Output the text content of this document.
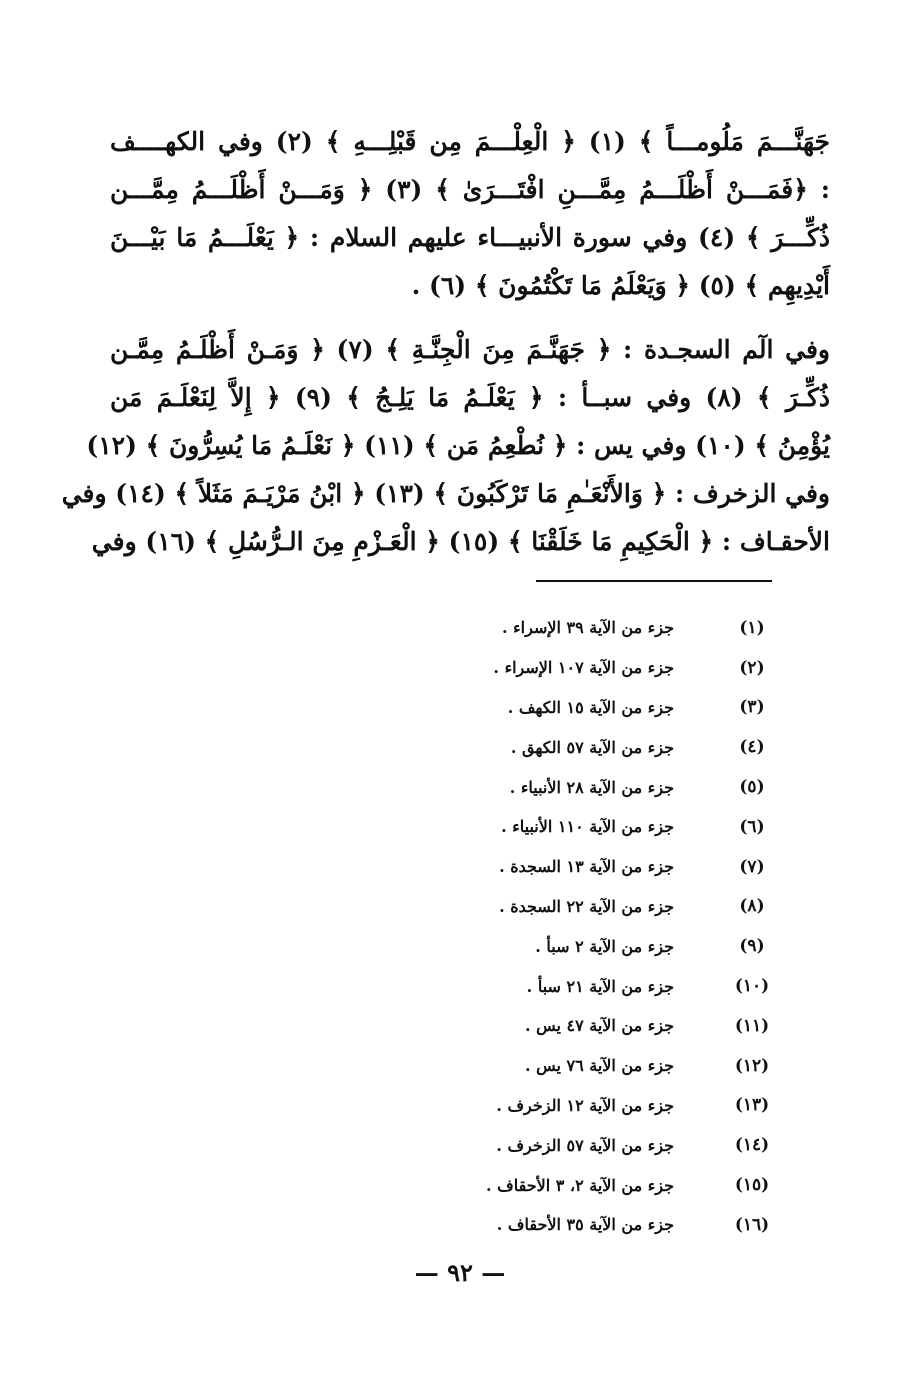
جَهَنَّـــمَ مَلُومـــاً ﴾ (١) ﴿ الْعِلْـــمَ مِن قَبْلِـــهِ ﴾ (٢) وفي الكهــــف
: ﴿فَمَـــنْ أَظْلَـــمُ مِمَّـــنِ افْتَـــرَىٰ ﴾ (٣) ﴿ وَمَـــنْ أَظْلَـــمُ مِمَّـــن
ذُكِّـــرَ ﴾ (٤) وفي سورة الأنبيـــاء عليهم السلام : ﴿ يَعْلَـــمُ مَا بَيْـــنَ
أَيْدِيهِم ﴾ (٥) ﴿ وَيَعْلَمُ مَا تَكْتُمُونَ ﴾ (٦) .
وفي الٓم السجـدة : ﴿ جَهَنَّـمَ مِنَ الْجِنَّـةِ ﴾ (٧) ﴿ وَمَـنْ أَظْلَـمُ مِمَّـن
ذُكِّـرَ ﴾ (٨) وفي سبــأ : ﴿ يَعْلَـمُ مَا يَلِـجُ ﴾ (٩) ﴿ إِلاَّ لِنَعْلَـمَ مَن
يُؤْمِنُ ﴾ (١٠) وفي يس : ﴿ نُطْعِمُ مَن ﴾ (١١) ﴿ نَعْلَـمُ مَا يُسِرُّونَ ﴾ (١٢)
وفي الزخرف : ﴿ وَالأَنْعَـٰمِ مَا تَرْكَبُونَ ﴾ (١٣) ﴿ ابْنُ مَرْيَـمَ مَثَلاً ﴾ (١٤) وفي
الأحقـاف : ﴿ الْحَكِيمِ مَا خَلَقْنَا ﴾ (١٥) ﴿ الْعَـزْمِ مِنَ الـرُّسُلِ ﴾ (١٦) وفي
(١)
جزء من الآية ٣٩ الإسراء .
(٢)
جزء من الآية ١٠٧ الإسراء .
(٣)
جزء من الآية ١٥ الكهف .
(٤)
جزء من الآية ٥٧ الكهق .
(٥)
جزء من الآية ٢٨ الأنبياء .
(٦)
جزء من الآية ١١٠ الأنبياء .
(٧)
جزء من الآية ١٣ السجدة .
(٨)
جزء من الآية ٢٢ السجدة .
(٩)
جزء من الآية ٢ سبأ .
(١٠)
جزء من الآية ٢١ سبأ .
(١١)
جزء من الآية ٤٧ يس .
(١٢)
جزء من الآية ٧٦ يس .
(١٣)
جزء من الآية ١٢ الزخرف .
(١٤)
جزء من الآية ٥٧ الزخرف .
(١٥)
جزء من الآية ٢، ٣ الأحقاف .
(١٦)
جزء من الآية ٣٥ الأحقاف .
— ٩٢ —
